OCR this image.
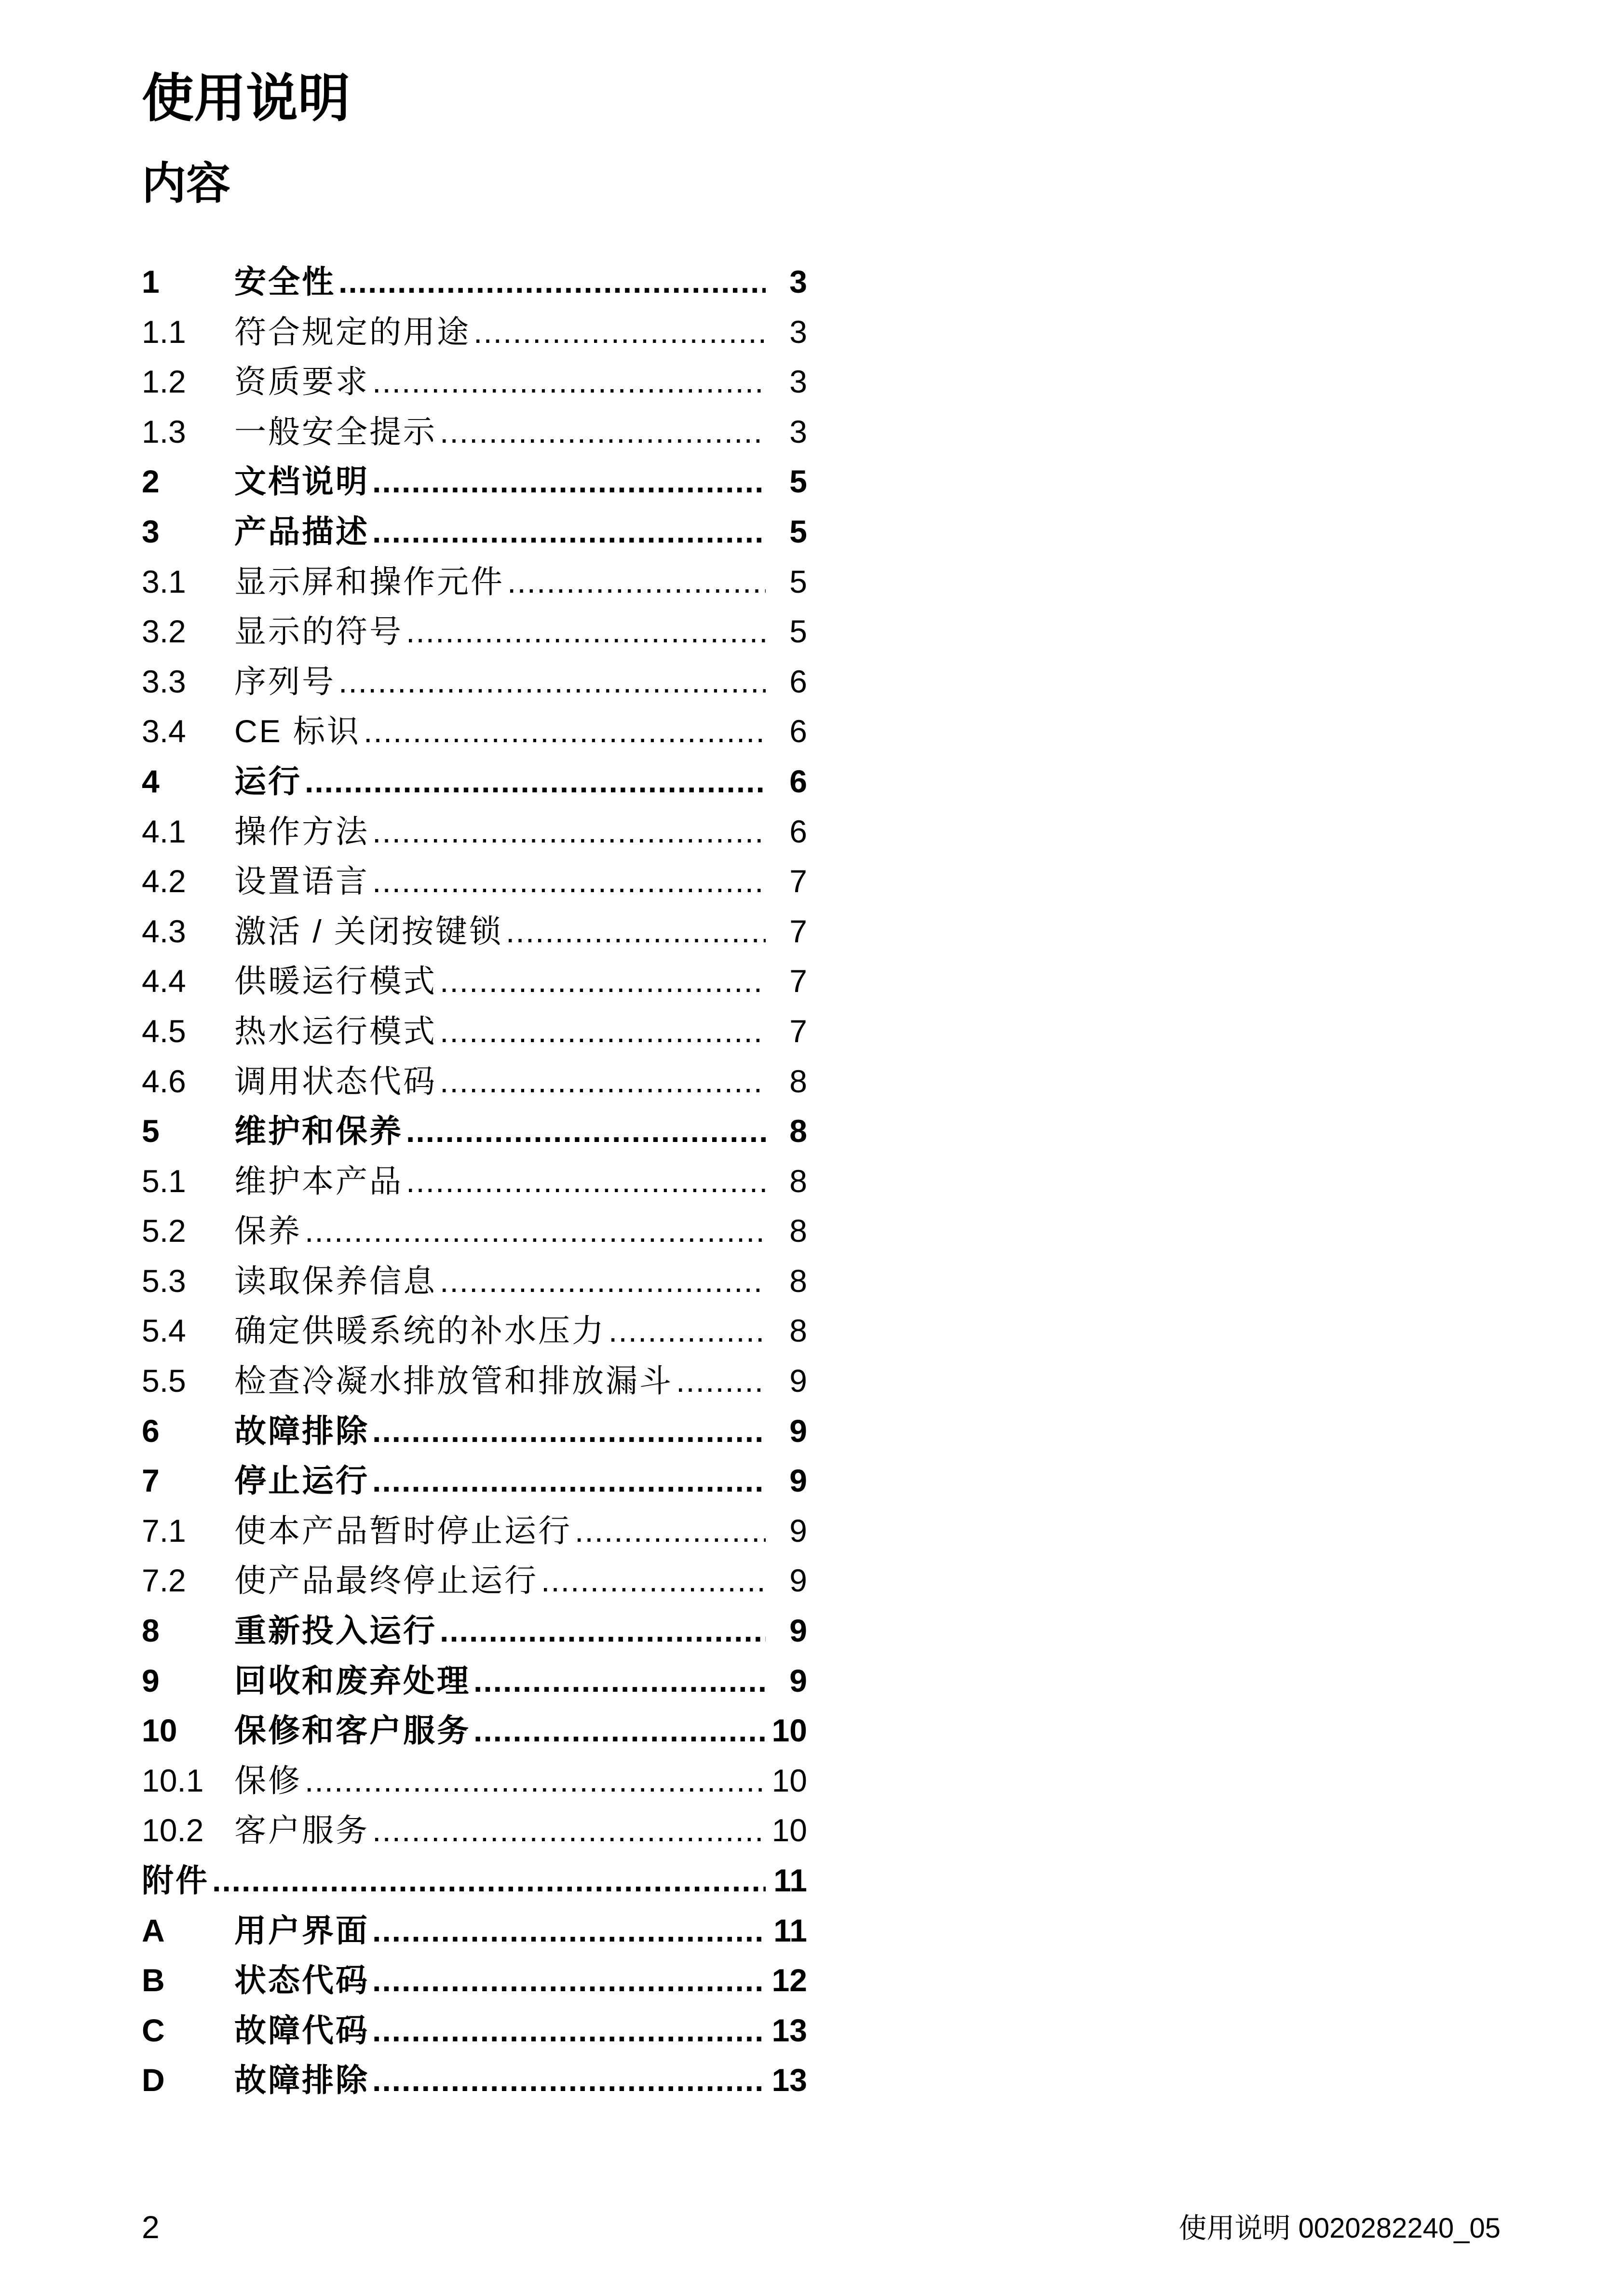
使用说明
内容
1	安全性 .....	3
1.1	符合规定的用途 .....	3
1.2	资质要求 .....	3
1.3	一般安全提示 .....	3
2	文档说明 .....	5
3	产品描述 .....	5
3.1	显示屏和操作元件 .....	5
3.2	显示的符号 .....	5
3.3	序列号 .....	6
3.4	CE 标识 .....	6
4	运行 .....	6
4.1	操作方法 .....	6
4.2	设置语言 .....	7
4.3	激活 / 关闭按键锁 .....	7
4.4	供暖运行模式 .....	7
4.5	热水运行模式 .....	7
4.6	调用状态代码 .....	8
5	维护和保养 .....	8
5.1	维护本产品 .....	8
5.2	保养 .....	8
5.3	读取保养信息 .....	8
5.4	确定供暖系统的补水压力 .....	8
5.5	检查冷凝水排放管和排放漏斗 .....	9
6	故障排除 .....	9
7	停止运行 .....	9
7.1	使本产品暂时停止运行 .....	9
7.2	使产品最终停止运行 .....	9
8	重新投入运行 .....	9
9	回收和废弃处理 .....	9
10	保修和客户服务 .....	10
10.1 保修 .....	10
10.2 客户服务 .....	10
附件 .....	11
A	用户界面 .....	11
B	状态代码 .....	12
C	故障代码 .....	13
D	故障排除 .....	13
2	使用说明 0020282240_05
